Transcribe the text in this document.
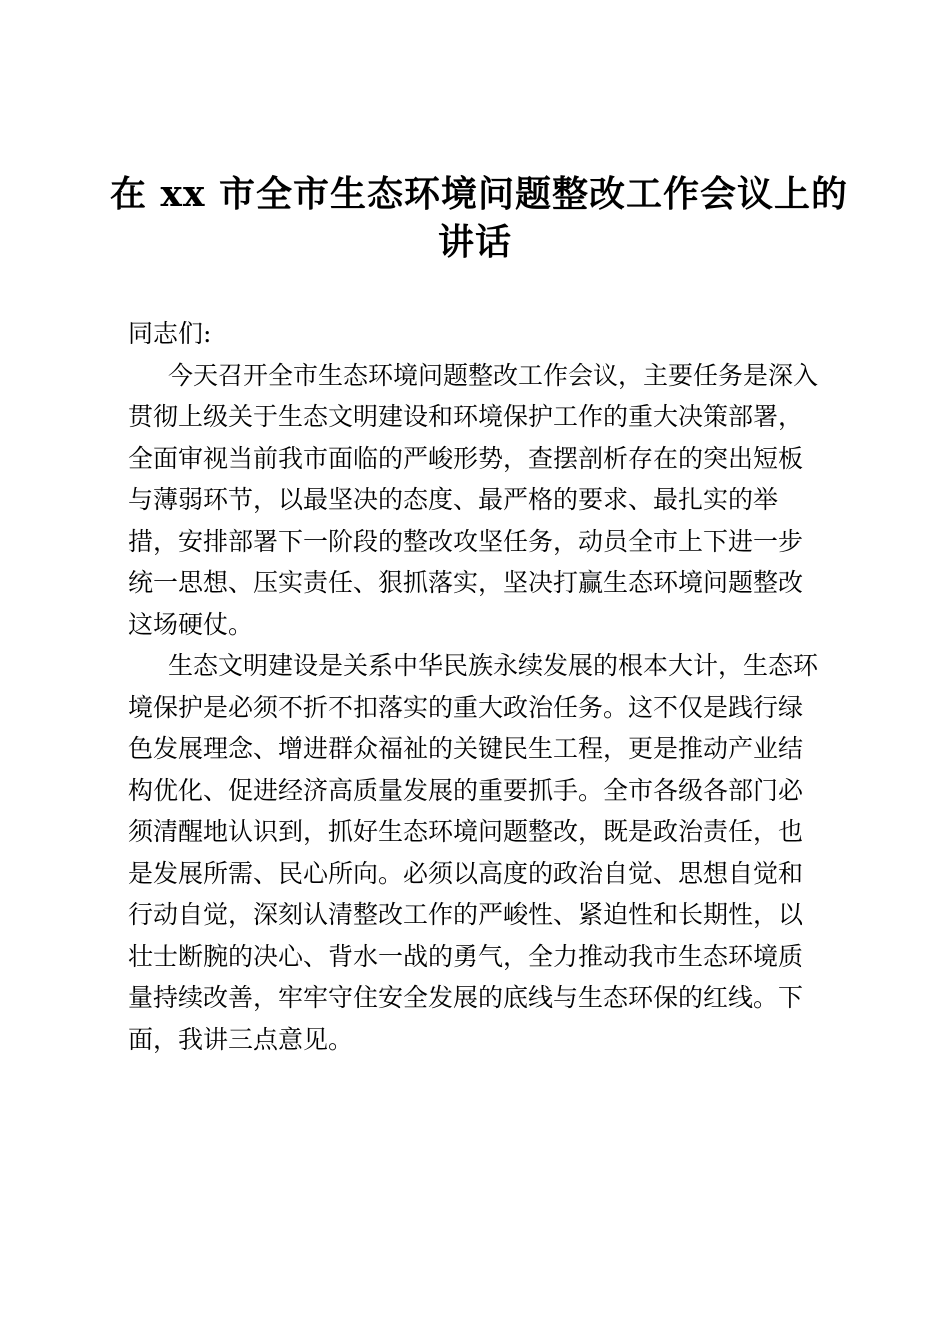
在 xx 市全市生态环境问题整改工作会议上的
讲话
同志们:
今天召开全市生态环境问题整改工作会议，主要任务是深入
贯彻上级关于生态文明建设和环境保护工作的重大决策部署，
全面审视当前我市面临的严峻形势，查摆剖析存在的突出短板
与薄弱环节，以最坚决的态度、最严格的要求、最扎实的举
措，安排部署下一阶段的整改攻坚任务，动员全市上下进一步
统一思想、压实责任、狠抓落实，坚决打赢生态环境问题整改
这场硬仗。
生态文明建设是关系中华民族永续发展的根本大计，生态环
境保护是必须不折不扣落实的重大政治任务。这不仅是践行绿
色发展理念、增进群众福祉的关键民生工程，更是推动产业结
构优化、促进经济高质量发展的重要抓手。全市各级各部门必
须清醒地认识到，抓好生态环境问题整改，既是政治责任，也
是发展所需、民心所向。必须以高度的政治自觉、思想自觉和
行动自觉，深刻认清整改工作的严峻性、紧迫性和长期性，以
壮士断腕的决心、背水一战的勇气，全力推动我市生态环境质
量持续改善，牢牢守住安全发展的底线与生态环保的红线。下
面，我讲三点意见。
